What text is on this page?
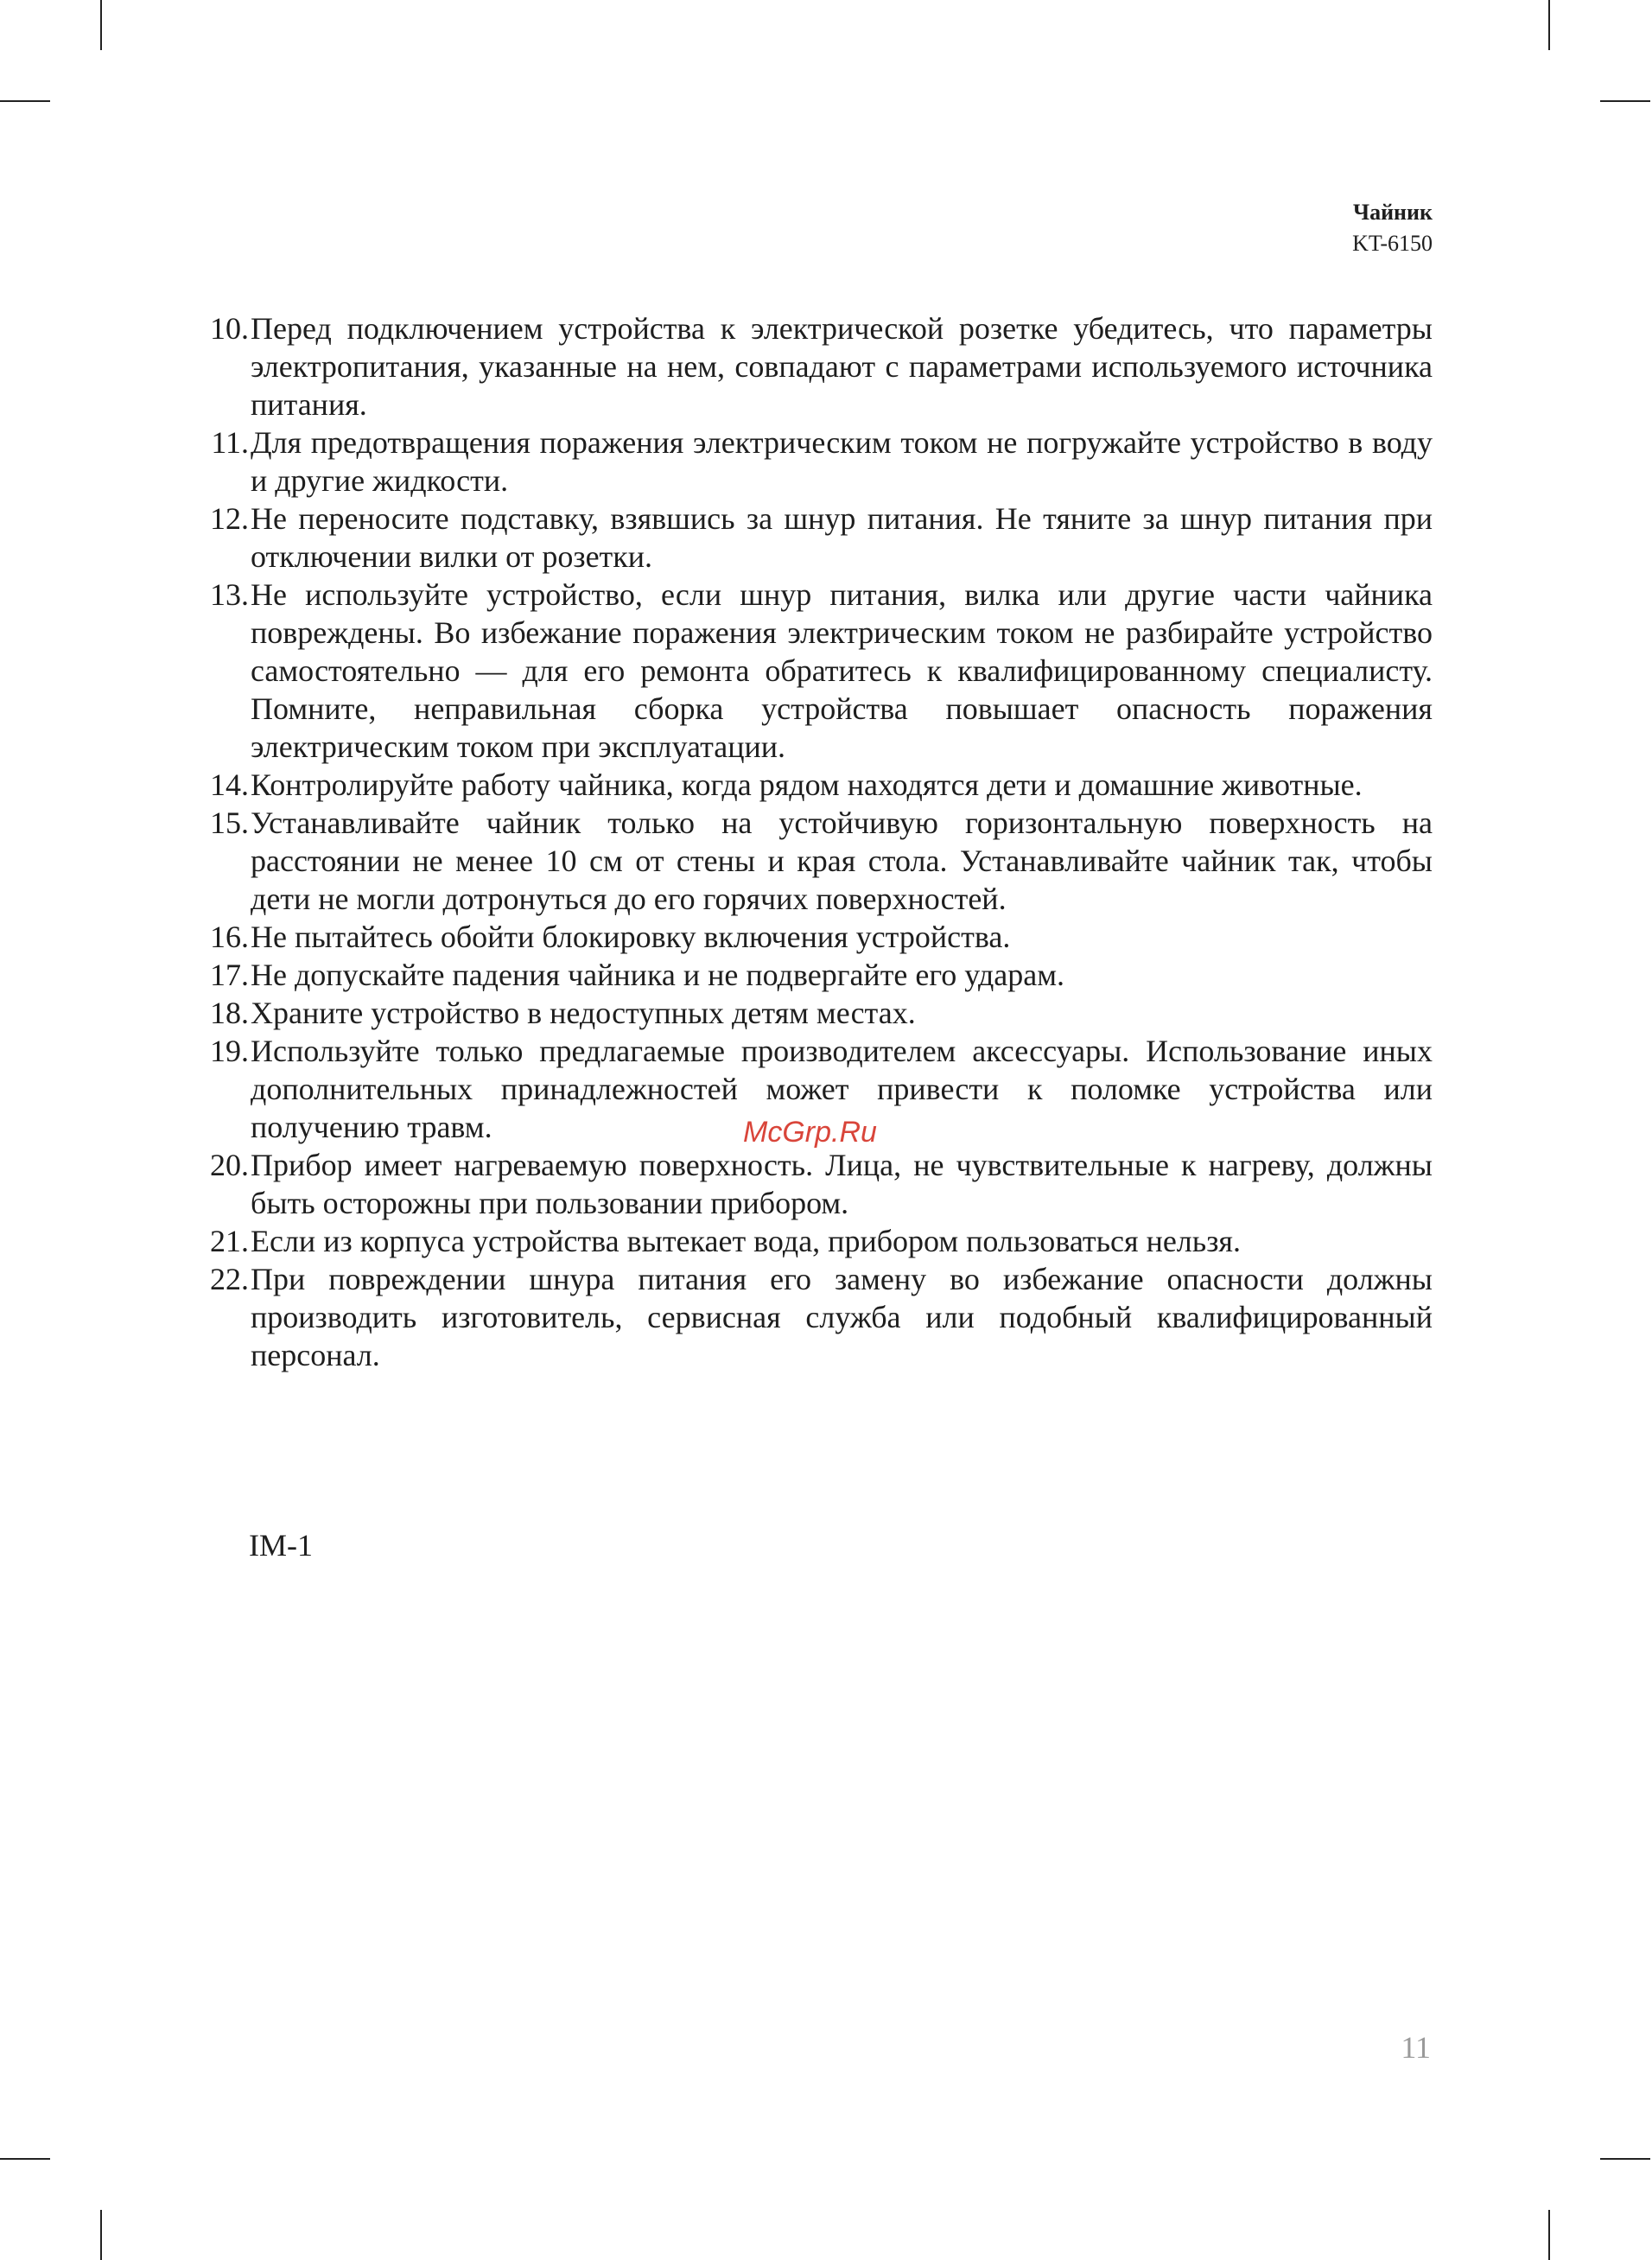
Чайник
KT-6150
10. Перед подключением устройства к электрической розетке убедитесь, что параметры электропитания, указанные на нем, совпадают с параметрами используемого источника питания.
11. Для предотвращения поражения электрическим током не погружайте устройство в воду и другие жидкости.
12. Не переносите подставку, взявшись за шнур питания. Не тяните за шнур питания при отключении вилки от розетки.
13. Не используйте устройство, если шнур питания, вилка или другие части чайника повреждены. Во избежание поражения электрическим током не разбирайте устройство самостоятельно — для его ремонта обратитесь к квалифицированному специалисту. Помните, неправильная сборка устройства повышает опасность поражения электрическим током при эксплуатации.
14. Контролируйте работу чайника, когда рядом находятся дети и домашние животные.
15. Устанавливайте чайник только на устойчивую горизонтальную поверхность на расстоянии не менее 10 см от стены и края стола. Устанавливайте чайник так, чтобы дети не могли дотронуться до его горячих поверхностей.
16. Не пытайтесь обойти блокировку включения устройства.
17. Не допускайте падения чайника и не подвергайте его ударам.
18. Храните устройство в недоступных детям местах.
19. Используйте только предлагаемые производителем аксессуары. Использование иных дополнительных принадлежностей может привести к поломке устройства или получению травм.
20. Прибор имеет нагреваемую поверхность. Лица, не чувствительные к нагреву, должны быть осторожны при пользовании прибором.
21. Если из корпуса устройства вытекает вода, прибором пользоваться нельзя.
22. При повреждении шнура питания его замену во избежание опасности должны производить изготовитель, сервисная служба или подобный квалифицированный персонал.
McGrp.Ru
IM-1
11
